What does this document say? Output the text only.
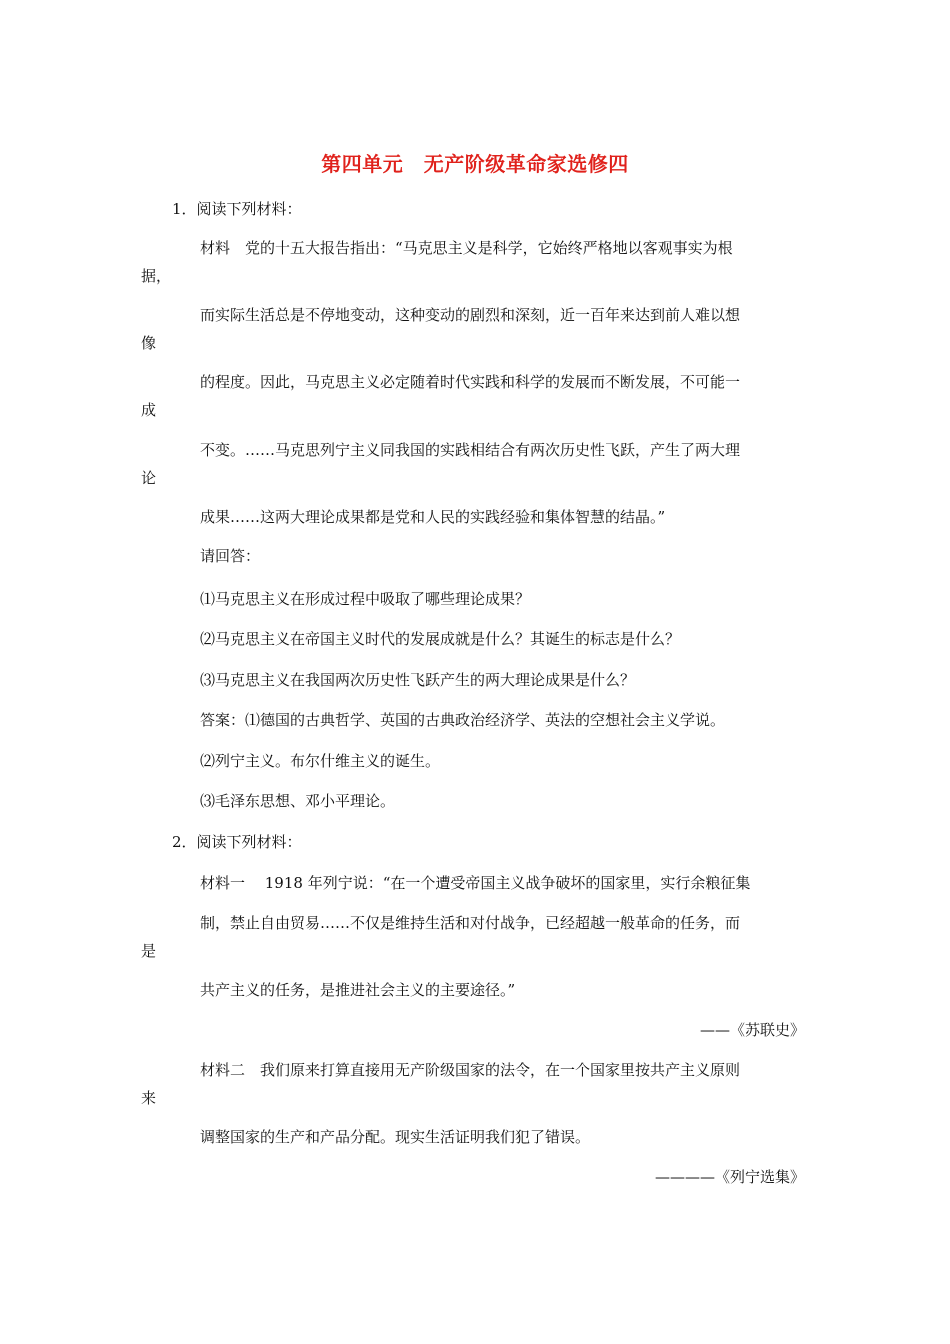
第四单元　无产阶级革命家选修四
1．阅读下列材料：
材料　党的十五大报告指出：“马克思主义是科学，它始终严格地以客观事实为根
据，
而实际生活总是不停地变动，这种变动的剧烈和深刻，近一百年来达到前人难以想
像
的程度。因此，马克思主义必定随着时代实践和科学的发展而不断发展，不可能一
成
不变。……马克思列宁主义同我国的实践相结合有两次历史性飞跃，产生了两大理
论
成果……这两大理论成果都是党和人民的实践经验和集体智慧的结晶。”
请回答：
⑴马克思主义在形成过程中吸取了哪些理论成果？
⑵马克思主义在帝国主义时代的发展成就是什么？其诞生的标志是什么？
⑶马克思主义在我国两次历史性飞跃产生的两大理论成果是什么？
答案：⑴德国的古典哲学、英国的古典政治经济学、英法的空想社会主义学说。
⑵列宁主义。布尔什维主义的诞生。
⑶毛泽东思想、邓小平理论。
2．阅读下列材料：
材料一　 1918 年列宁说：“在一个遭受帝国主义战争破坏的国家里，实行余粮征集
制，禁止自由贸易……不仅是维持生活和对付战争，已经超越一般革命的任务，而
是
共产主义的任务，是推进社会主义的主要途径。”
——《苏联史》
材料二　我们原来打算直接用无产阶级国家的法令，在一个国家里按共产主义原则
来
调整国家的生产和产品分配。现实生活证明我们犯了错误。
————《列宁选集》
